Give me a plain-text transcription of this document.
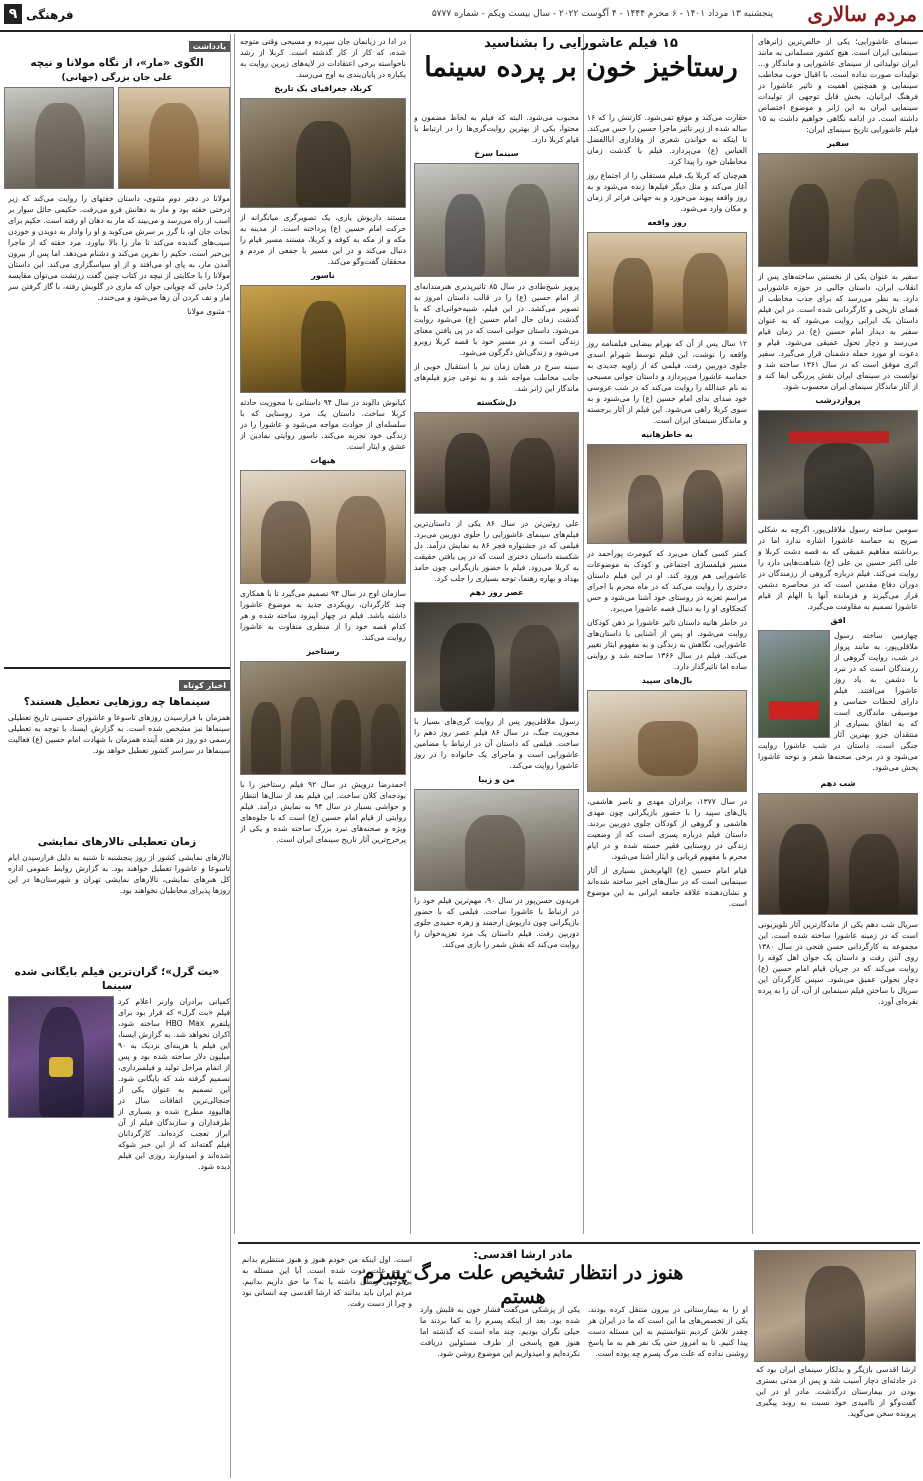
مردم سالاری
پنجشنبه ۱۳ مرداد ۱۴۰۱ - ۶ محرم ۱۴۴۴ - ۴ آگوست ۲۰۲۲ - سال بیست ویکم - شماره ۵۷۷۷
فرهنگی
۹
۱۵ فیلم عاشورایی را بشناسید
رستاخیز خون بر پرده سینما

سینمای عاشورایی؛ یکی از خالص‌ترین ژانرهای سینمایی ایران است. هیچ کشور مسلمانی به مانند ایران تولیداتی از سینمای عاشورایی و ماندگار و... تولیدات صورت نداده است. با اقبال خوب مخاطب سینمایی و همچنین اهمیت و تاثیر عاشورا در فرهنگ ایرانیان، بخش قابل توجهی از تولیدات سینمایی ایران به این ژانر و موضوع اختصاص داشته است. در ادامه نگاهی خواهیم داشت به ۱۵ فیلم عاشورایی تاریخ سینمای ایران:

سفیر

سفیر به عنوان یکی از نخستین ساخته‌های پس از انقلاب ایران، داستان جالبی در حوزه عاشورایی دارد. به نظر می‌رسد که برای جذب مخاطب از فضای تاریخی و کارگردانی شده است. در این فیلم داستان یک ایرانی روایت می‌شود که به عنوان سفیر به دیدار امام حسین (ع) در زمان قیام می‌رسد و دچار تحول عمیقی می‌شود. قیام و دعوت او مورد حمله دشمنان قرار می‌گیرد. سفیر اثری موفق است که در سال ۱۳۶۱ ساخته شد و توانست در سینمای ایران نقش پررنگی ایفا کند و از آثار ماندگار سینمای ایران محسوب شود.

پروازدرشب

سومین ساخته رسول ملاقلی‌پور، اگرچه به شکلی صریح به حماسه عاشورا اشاره ندارد اما در برداشته مفاهیم عمیقی که به قصه دشت کربلا و علی اکبر حسین بن علی (ع) شباهت‌هایی دارد را روایت می‌کند. فیلم درباره گروهی از رزمندگان در دوران دفاع مقدس است که در محاصره دشمن قرار می‌گیرند و فرمانده آنها با الهام از قیام عاشورا تصمیم به مقاومت می‌گیرد.

افق

چهارمین ساخته رسول ملاقلی‌پور، به مانند پرواز در شب، روایت گروهی از رزمندگان است که در نبرد با دشمن به یاد روز عاشورا می‌افتند. فیلم دارای لحظات حماسی و موسیقی ماندگاری است که به اتفاق بسیاری از منتقدان جزو بهترین آثار جنگی است. داستان در شب عاشورا روایت می‌شود و در برخی صحنه‌ها شعر و نوحه عاشورا پخش می‌شود.

شب دهم

سریال شب دهم یکی از ماندگارترین آثار تلویزیونی است که در زمینه عاشورا ساخته شده است. این مجموعه به کارگردانی حسن فتحی در سال ۱۳۸۰ روی آنتن رفت و داستان یک جوان اهل کوفه را روایت می‌کند که در جریان قیام امام حسین (ع) دچار تحولی عمیق می‌شود. سپس کارگردان این سریال با ساختن فیلم سینمایی از آن، آن را به پرده نقره‌ای آورد.

حقارت می‌کند و موقع تمی‌شود. کارتنش را که ۱۶ ساله شده از زیر تاثیر ماجرا حسین را حس می‌کند. تا اینکه به خواندن شعری از وفاداری اباالفضل العباس (ع) می‌پردازد. فیلم با گذشت زمان مخاطبان خود را پیدا کرد.

هم‌چنان که کربلا یک فیلم مستقلی را از اجتماع روز آغاز می‌کند و مثل دیگر فیلم‌ها زنده می‌شود و به روز واقعه پیوند می‌خورد و به جهانی فراتر از زمان و مکان وارد می‌شود.

روز واقعه

۱۲ سال پس از آن که بهرام بیضایی فیلمنامه روز واقعه را نوشت، این فیلم توسط شهرام اسدی جلوی دوربین رفت. فیلمی که از زاویه جدیدی به حماسه عاشورا می‌پردازد و داستان جوانی مسیحی به نام عبدالله را روایت می‌کند که در شب عروسی خود صدای ندای امام حسین (ع) را می‌شنود و به سوی کربلا راهی می‌شود. این فیلم از آثار برجسته و ماندگار سینمای ایران است.

به خاطرهانیه

کمتر کسی گمان می‌برد که کیومرث پوراحمد در مسیر فیلمسازی اجتماعی و کودک به موضوعات عاشورایی هم ورود کند. او در این فیلم داستان دختری را روایت می‌کند که در ماه محرم با اجرای مراسم تعزیه در روستای خود آشنا می‌شود و حس کنجکاوی او را به دنبال قصه عاشورا می‌برد.

در خاطر هانیه داستان تاثیر عاشورا بر ذهن کودکان روایت می‌شود. او پس از آشنایی با داستان‌های عاشورایی، نگاهش به زندگی و به مفهوم ایثار تغییر می‌کند. فیلم در سال ۱۳۶۶ ساخته شد و روایتی ساده اما تاثیرگذار دارد.

بال‌های سپید

در سال ۱۳۷۷، برادران مهدی و ناصر هاشمی، بال‌های سپید را با حضور بازیگرانی چون مهدی هاشمی و گروهی از کودکان جلوی دوربین بردند. داستان فیلم درباره پسری است که از وضعیت زندگی در روستایی فقیر خسته شده و در ایام محرم با مفهوم قربانی و ایثار آشنا می‌شود.

قیام امام حسین (ع) الهام‌بخش بسیاری از آثار سینمایی است که در سال‌های اخیر ساخته شده‌اند و نشان‌دهنده علاقه جامعه ایرانی به این موضوع است.

محبوب می‌شود. البته که فیلم به لحاظ مضمون و محتوا، یکی از بهترین روایت‌گری‌ها را در ارتباط با قیام کربلا دارد.

سینما سرخ

پرویز شیخ‌طادی در سال ۸۵ تاثیرپذیری هنرمندانه‌ای از امام حسین (ع) را در قالب داستان امروز به تصویر می‌کشد. در این فیلم، شبیه‌خوانی‌ای که با گذشت زمان حال امام حسین (ع) می‌شود روایت می‌شود. داستان جوانی است که در پی یافتن معنای زندگی است و در مسیر خود با قصه کربلا روبرو می‌شود و زندگی‌اش دگرگون می‌شود.

سینه سرخ در همان زمان نیز با استقبال خوبی از جانب مخاطب مواجه شد و به نوعی جزو فیلم‌های ماندگار این ژانر شد.

دل‌شکسته

علی روئین‌تن در سال ۸۶ یکی از داستان‌ترین فیلم‌های سینمای عاشورایی را جلوی دوربین می‌برد. فیلمی که در جشنواره فجر ۸۶ به نمایش درآمد. دل شکسته داستان دختری است که در پی یافتن حقیقت به کربلا می‌رود. فیلم با حضور بازیگرانی چون حامد بهداد و بهاره رهنما، توجه بسیاری را جلب کرد.

عصر روز دهم

رسول ملاقلی‌پور پس از روایت گری‌های بسیار با محوریت جنگ، در سال ۸۶ فیلم عصر روز دهم را ساخت. فیلمی که داستان آن در ارتباط با مضامین عاشورایی است و ماجرای یک خانواده را در روز عاشورا روایت می‌کند.

من و زیبا

فریدون حسن‌پور در سال ۹۰، مهم‌ترین فیلم خود را در ارتباط با عاشورا ساخت. فیلمی که با حضور بازیگرانی چون داریوش ارجمند و زهره حمیدی جلوی دوربین رفت. فیلم داستان یک مرد تعزیه‌خوان را روایت می‌کند که نقش شمر را بازی می‌کند.

در ادا در زیانمان جان سپرده و مسیحی وقتی متوجه شده، که کار از کار گذشته است. کربلا از رشد ناخواسته برخی اعتقادات در لایه‌های زیرین روایت به یکباره در پایان‌بندی به اوج می‌رسد.

کربلا، جغرافیای یک تاریخ

مستند داریوش یاری، یک تصویرگری میانگرانه از حرکت امام حسین (ع) پرداخته است. از مدینه به مکه و از مکه به کوفه و کربلا، مستند مسیر قیام را دنبال می‌کند و در این مسیر با جمعی از مردم و محققان گفت‌وگو می‌کند.

ناسور

کیانوش دالوند در سال ۹۴ داستانی با محوریت حادثه کربلا ساخت. داستان یک مرد روستایی که با سلسله‌ای از حوادث مواجه می‌شود و عاشورا را در زندگی خود تجربه می‌کند. ناسور روایتی نمادین از عشق و ایثار است.

هیهات

سازمان اوج در سال ۹۴ تصمیم می‌گیرد تا با همکاری چند کارگردان، رویکردی جدید به موضوع عاشورا داشته باشد. فیلم در چهار اپیزود ساخته شده و هر کدام قصه خود را از منظری متفاوت به عاشورا روایت می‌کند.

رستاخیز

احمدرضا درویش در سال ۹۲ فیلم رستاخیز را با بودجه‌ای کلان ساخت. این فیلم بعد از سال‌ها انتظار و حواشی بسیار در سال ۹۴ به نمایش درآمد. فیلم روایتی از قیام امام حسین (ع) است که با جلوه‌های ویژه و صحنه‌های نبرد بزرگ ساخته شده و یکی از پرخرج‌ترین آثار تاریخ سینمای ایران است.

مادر ارشا اقدسی:
هنوز در انتظار تشخیص علت مرگ پسرم هستم

ارشا اقدسی بازیگر و بدلکار سینمای ایران بود که در حادثه‌ای دچار آسیب شد و پس از مدتی بستری بودن در بیمارستان درگذشت. مادر او در این گفت‌وگو از ناامیدی خود نسبت به روند پیگیری پرونده سخن می‌گوید.

او را به بیمارستانی در بیرون منتقل کرده بودند. یکی از تخصص‌های ما این است که ما در ایران هر چقدر تلاش کردیم نتوانستیم به این مسئله دست پیدا کنیم. تا به امروز حتی یک نفر هم به ما پاسخ روشنی نداده که علت مرگ پسرم چه بوده است.

یکی از پزشکی می‌گفت فشار خون به قلبش وارد شده بود. بعد از اینکه پسرم را به کما بردند ما خیلی نگران بودیم. چند ماه است که گذشته اما هنوز هیچ پاسخی از طرف مسئولین دریافت نکرده‌ایم و امیدواریم این موضوع روشن شود.

است. اول اینکه من خودم هنوز و هنوز منتظرم بدانم به چه علت فوت شده است. آیا این مسئله به بی‌توجهی ربطی داشته یا نه؟ ما حق داریم بدانیم. مردم ایران باید بدانند که ارشا اقدسی چه انسانی بود و چرا از دست رفت.

یادداشت
الگوی «مار»، از نگاه مولانا و نیچه
علی جان بزرگی (جهانی)

مولانا در دفتر دوم مثنوی، داستان خفتهای را روایت می‌کند که زیر درختی خفته بود و مار به دهانش فرو می‌رفت. حکیمی حائل سوار بر اسب از راه می‌رسد و می‌بیند که مار به دهان او رفته است. حکیم برای نجات جان او، با گرز بر سرش می‌کوبد و او را وادار به دویدن و خوردن سیب‌های گندیده می‌کند تا مار را بالا بیاورد. مرد خفته که از ماجرا بی‌خبر است، حکیم را نفرین می‌کند و دشنام می‌دهد. اما پس از بیرون آمدن مار، به پای او می‌افتد و از او سپاسگزاری می‌کند. این داستان مولانا را با حکایتی از نیچه در کتاب چنین گفت زرتشت می‌توان مقایسه کرد؛ جایی که چوپانی جوان که ماری در گلویش رفته، با گاز گرفتن سر مار و تف کردن آن رها می‌شود و می‌خندد.

- مثنوی مولانا

اخبار کوتاه
سینماها چه روزهایی تعطیل هستند؟

همزمان با فرارسیدن روزهای تاسوعا و عاشورای حسینی تاریخ تعطیلی سینماها نیز مشخص شده است. به گزارش ایسنا، با توجه به تعطیلی رسمی دو روز در هفته آینده همزمان با شهادت امام حسین (ع) فعالیت سینماها در سراسر کشور تعطیل خواهد بود.

زمان تعطیلی تالارهای نمایشی

تالارهای نمایشی کشور از روز پنجشنبه تا شنبه به دلیل فرارسیدن ایام تاسوعا و عاشورا تعطیل خواهند بود. به گزارش روابط عمومی اداره کل هنرهای نمایشی، تالارهای نمایشی تهران و شهرستان‌ها در این روزها پذیرای مخاطبان نخواهند بود.

«بت گرل»؛ گران‌ترین فیلم بایگانی شده سینما

کمپانی برادران وارنر اعلام کرد فیلم «بت گرل» که قرار بود برای پلتفرم HBO Max ساخته شود، اکران نخواهد شد. به گزارش ایسنا، این فیلم با هزینه‌ای نزدیک به ۹۰ میلیون دلار ساخته شده بود و پس از اتمام مراحل تولید و فیلمبرداری، تصمیم گرفته شد که بایگانی شود. این تصمیم به عنوان یکی از جنجالی‌ترین اتفاقات سال در هالیوود مطرح شده و بسیاری از طرفداران و سازندگان فیلم از آن ابراز تعجب کرده‌اند. کارگردانان فیلم گفته‌اند که از این خبر شوکه شده‌اند و امیدوارند روزی این فیلم دیده شود.
